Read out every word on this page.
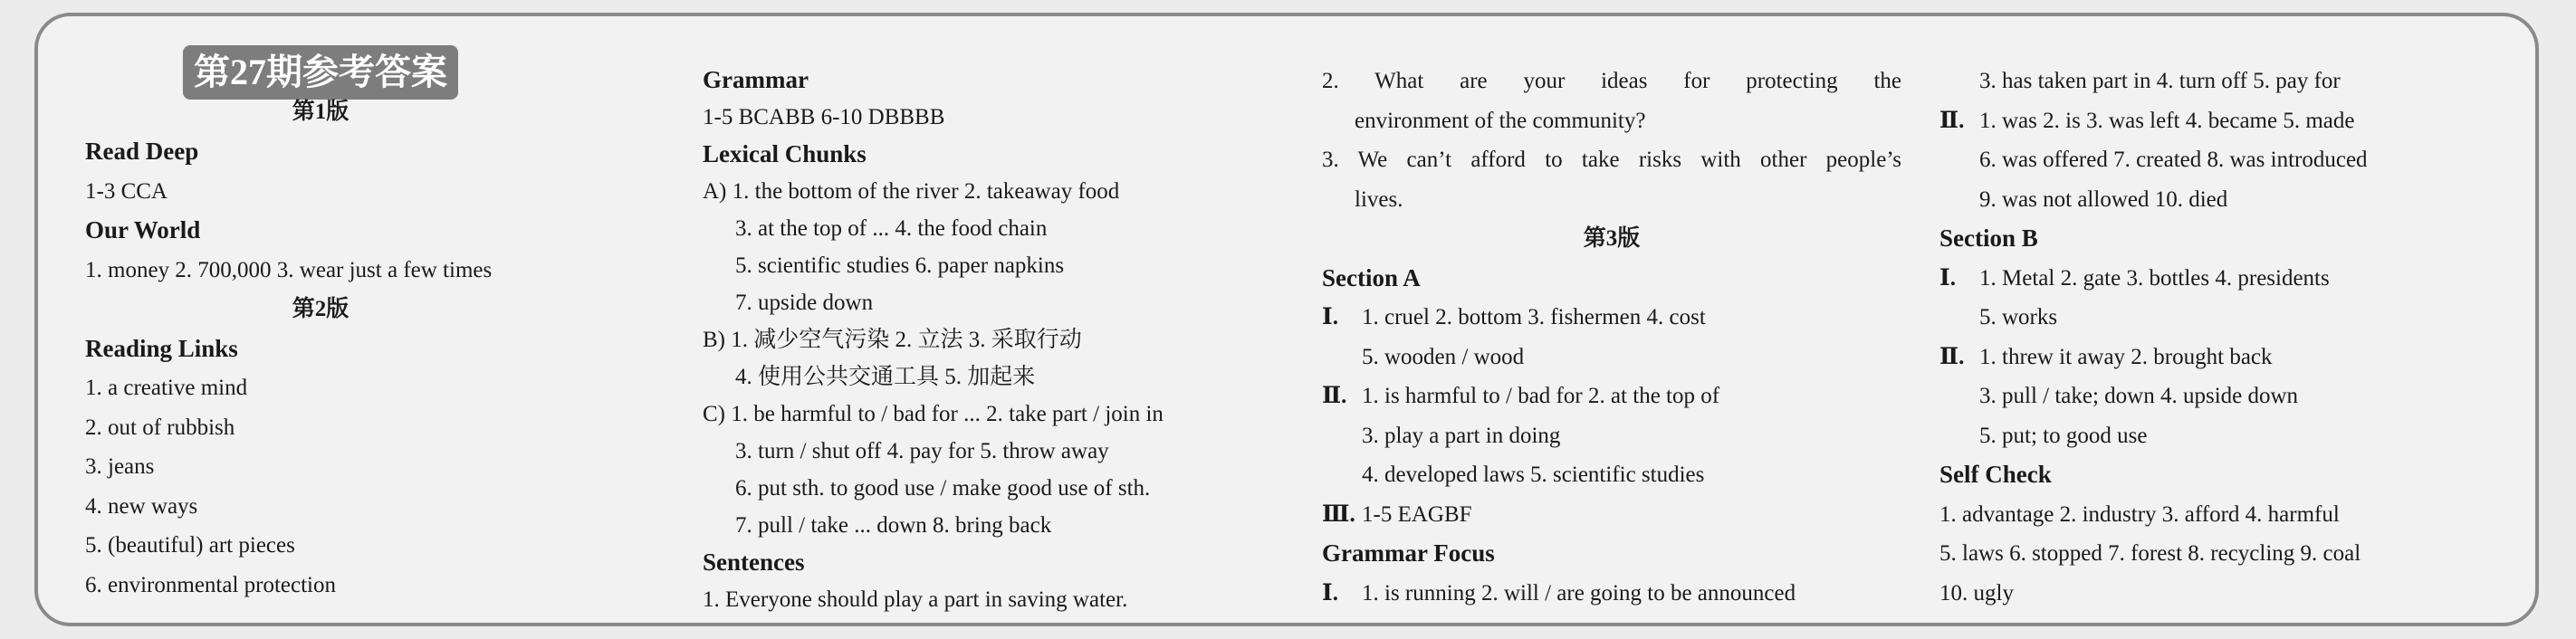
第27期参考答案
第1版
Read Deep
1-3 CCA
Our World
1. money 2. 700,000 3. wear just a few times
第2版
Reading Links
1. a creative mind
2. out of rubbish
3. jeans
4. new ways
5. (beautiful) art pieces
6. environmental protection
Grammar
1-5 BCABB 6-10 DBBBB
Lexical Chunks
A) 1. the bottom of the river 2. takeaway food
3. at the top of ... 4. the food chain
5. scientific studies 6. paper napkins
7. upside down
B) 1. 减少空气污染 2. 立法 3. 采取行动
4. 使用公共交通工具 5. 加起来
C) 1. be harmful to / bad for ... 2. take part / join in
3. turn / shut off 4. pay for 5. throw away
6. put sth. to good use / make good use of sth.
7. pull / take ... down 8. bring back
Sentences
1. Everyone should play a part in saving water.
2. What are your ideas for protecting the
environment of the community?
3. We can’t afford to take risks with other people’s
lives.
第3版
Section A
Ⅰ. 1. cruel 2. bottom 3. fishermen 4. cost
5. wooden / wood
Ⅱ. 1. is harmful to / bad for 2. at the top of
3. play a part in doing
4. developed laws 5. scientific studies
Ⅲ. 1-5 EAGBF
Grammar Focus
Ⅰ. 1. is running 2. will / are going to be announced
3. has taken part in 4. turn off 5. pay for
Ⅱ. 1. was 2. is 3. was left 4. became 5. made
6. was offered 7. created 8. was introduced
9. was not allowed 10. died
Section B
Ⅰ. 1. Metal 2. gate 3. bottles 4. presidents
5. works
Ⅱ. 1. threw it away 2. brought back
3. pull / take; down 4. upside down
5. put; to good use
Self Check
1. advantage 2. industry 3. afford 4. harmful
5. laws 6. stopped 7. forest 8. recycling 9. coal
10. ugly
